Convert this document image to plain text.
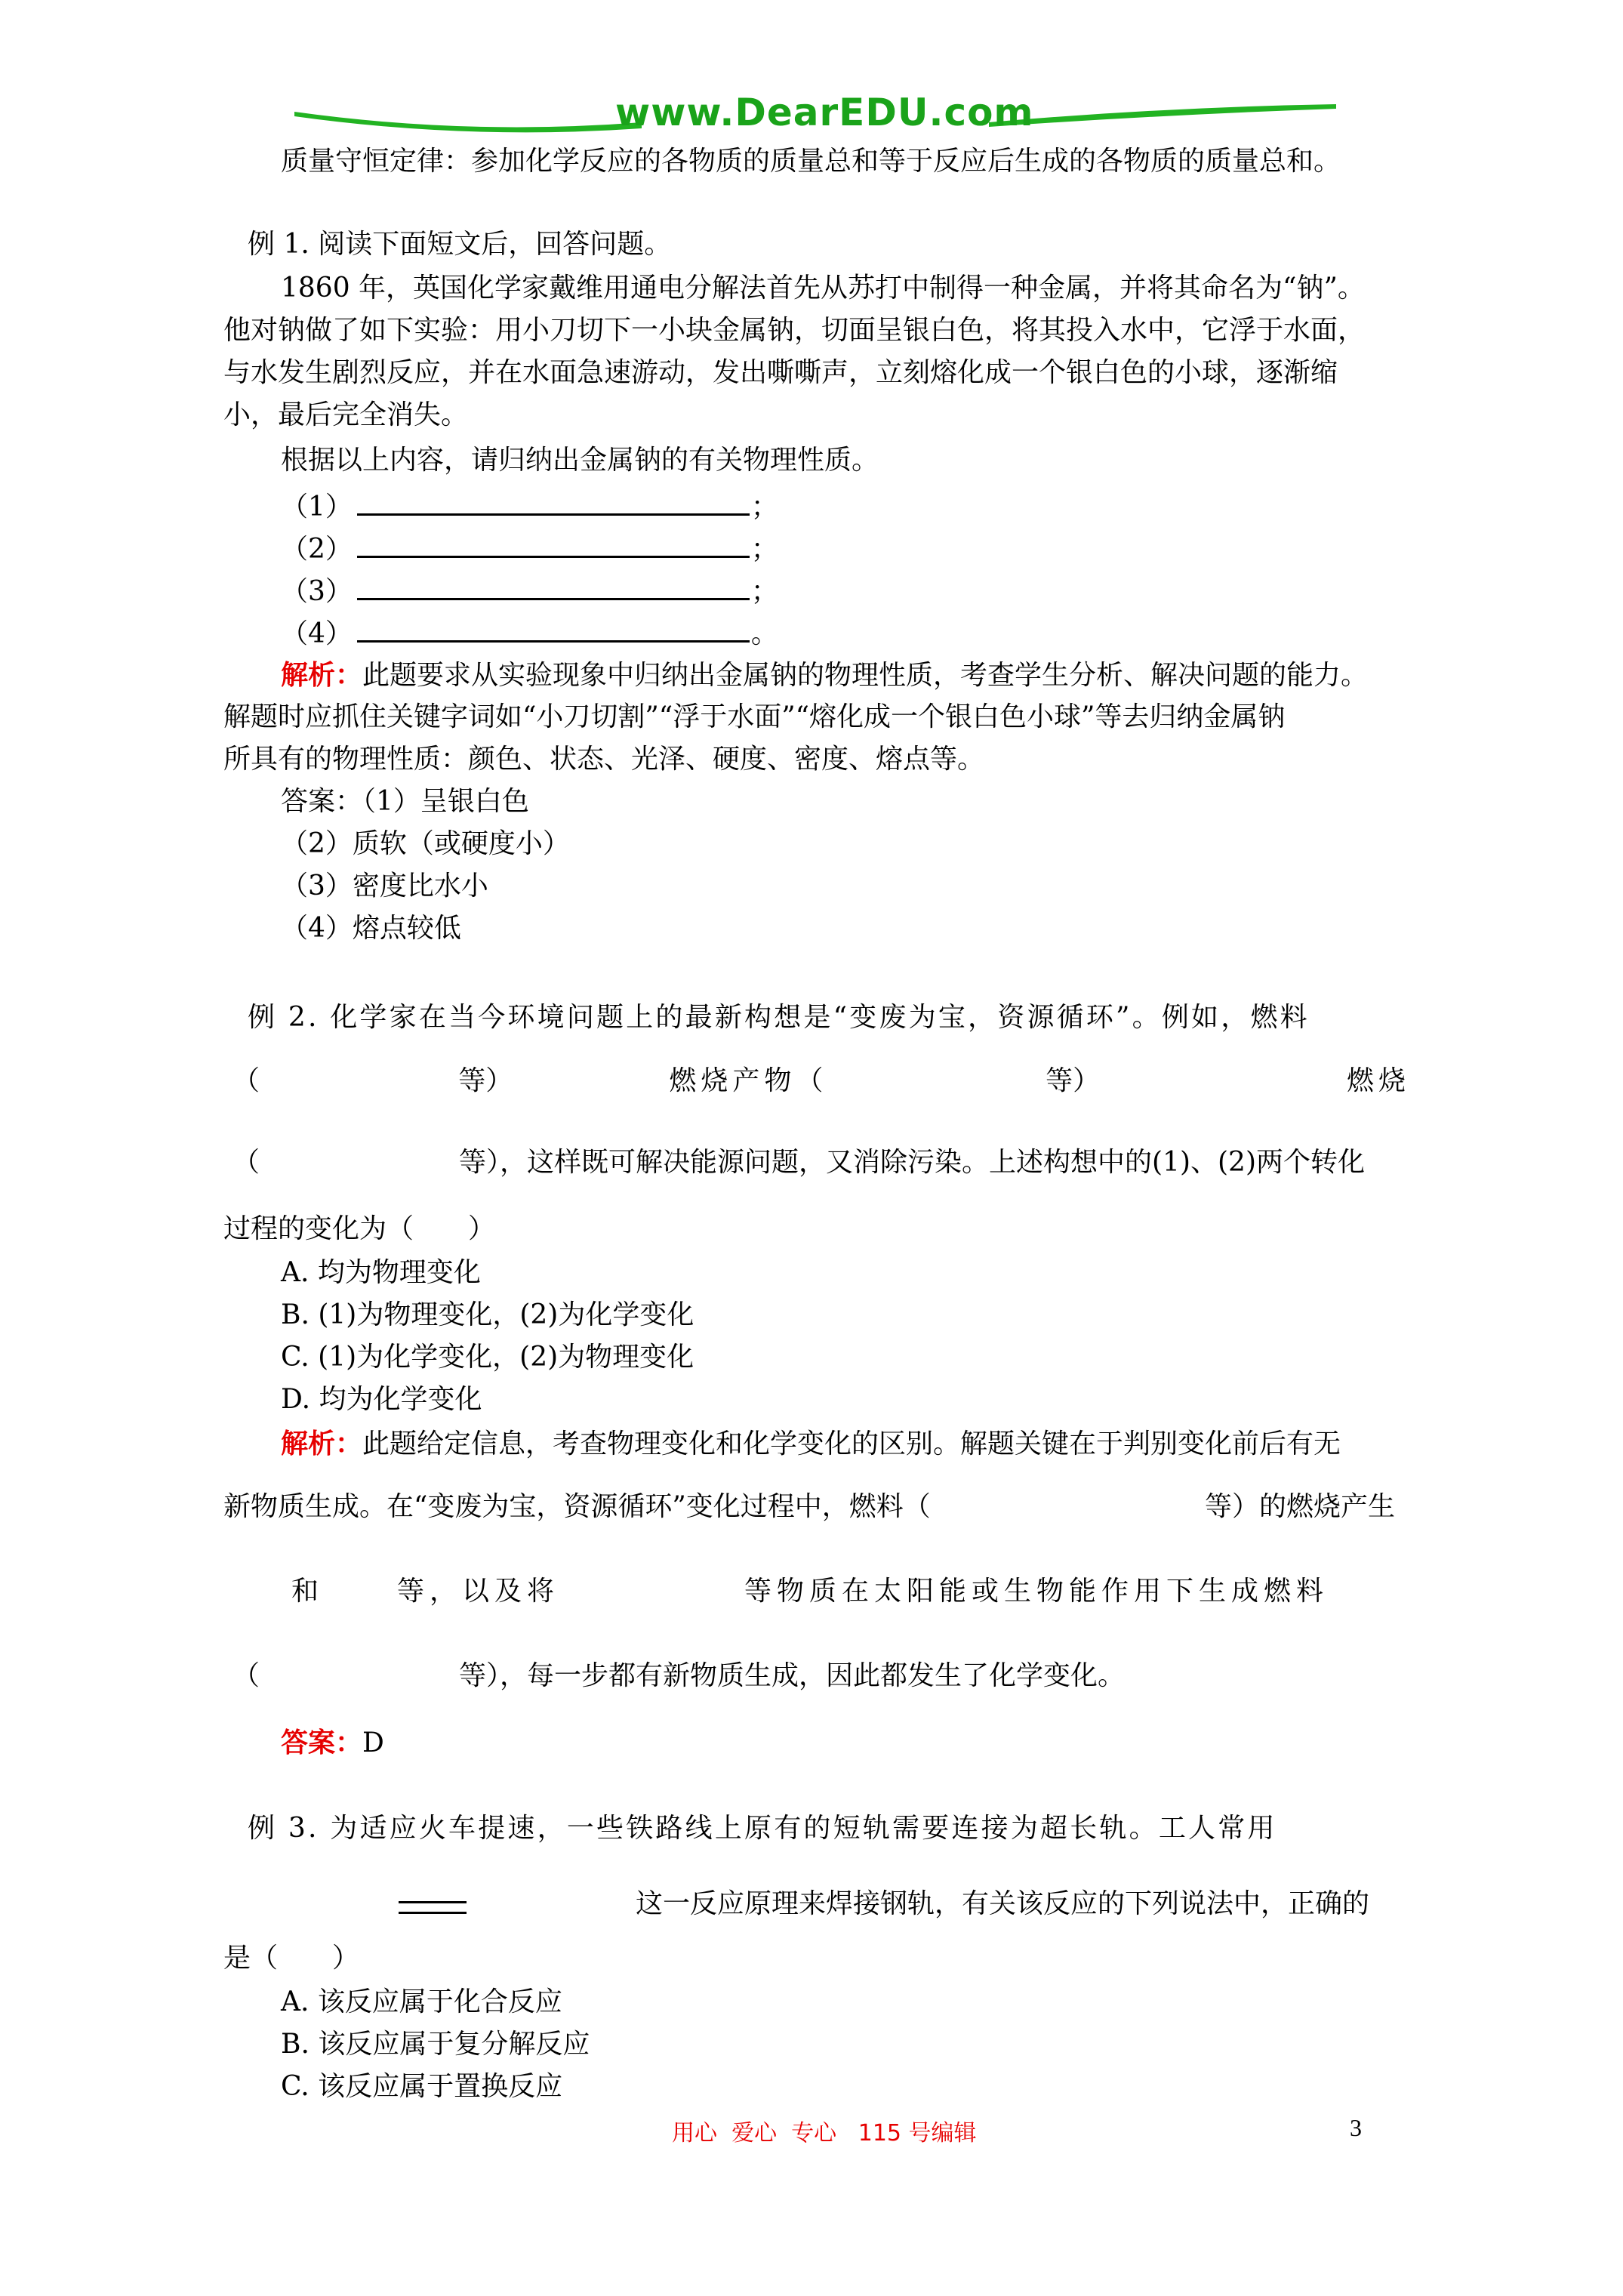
www.DearEDU.com
质量守恒定律：参加化学反应的各物质的质量总和等于反应后生成的各物质的质量总和。
例 1. 阅读下面短文后，回答问题。
1860 年，英国化学家戴维用通电分解法首先从苏打中制得一种金属，并将其命名为“钠”。
他对钠做了如下实验：用小刀切下一小块金属钠，切面呈银白色，将其投入水中，它浮于水面，
与水发生剧烈反应，并在水面急速游动，发出嘶嘶声，立刻熔化成一个银白色的小球，逐渐缩
小，最后完全消失。
根据以上内容，请归纳出金属钠的有关物理性质。
（1）	；
（2）	；
（3）	；
（4）	。
解析：此题要求从实验现象中归纳出金属钠的物理性质，考查学生分析、解决问题的能力。
解题时应抓住关键字词如“小刀切割”“浮于水面”“熔化成一个银白色小球”等去归纳金属钠
所具有的物理性质：颜色、状态、光泽、硬度、密度、熔点等。
答案：（1）呈银白色
（2）质软（或硬度小）
（3）密度比水小
（4）熔点较低
例 2. 化学家在当今环境问题上的最新构想是“变废为宝，资源循环”。例如，燃料
（	等）	燃烧产物（	等）	燃烧
（	等），这样既可解决能源问题，又消除污染。上述构想中的(1)、(2)两个转化
过程的变化为（　　）
A. 均为物理变化
B. (1)为物理变化，(2)为化学变化
C. (1)为化学变化，(2)为物理变化
D. 均为化学变化
解析：此题给定信息，考查物理变化和化学变化的区别。解题关键在于判别变化前后有无
新物质生成。在“变废为宝，资源循环”变化过程中，燃料（	等）的燃烧产生
和	等，以及将	等物质在太阳能或生物能作用下生成燃料
（	等），每一步都有新物质生成，因此都发生了化学变化。
答案：D
例 3. 为适应火车提速，一些铁路线上原有的短轨需要连接为超长轨。工人常用
这一反应原理来焊接钢轨，有关该反应的下列说法中，正确的
是（　　）
A. 该反应属于化合反应
B. 该反应属于复分解反应
C. 该反应属于置换反应
用心  爱心  专心   115 号编辑	3
